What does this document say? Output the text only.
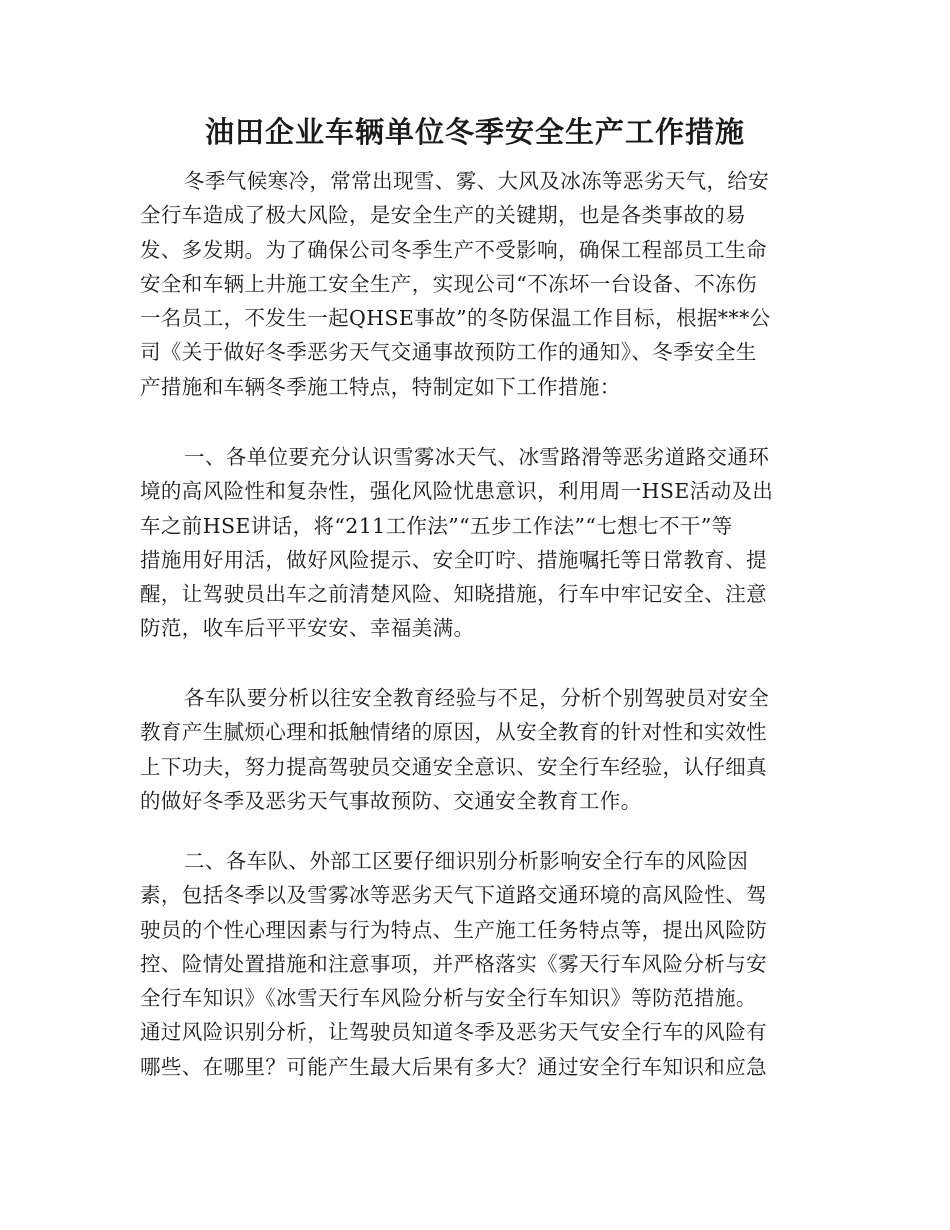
油田企业车辆单位冬季安全生产工作措施

冬季气候寒冷，常常出现雪、雾、大风及冰冻等恶劣天气，给安
全行车造成了极大风险，是安全生产的关键期，也是各类事故的易
发、多发期。为了确保公司冬季生产不受影响，确保工程部员工生命
安全和车辆上井施工安全生产，实现公司“不冻坏一台设备、不冻伤
一名员工，不发生一起QHSE事故”的冬防保温工作目标，根据***公
司《关于做好冬季恶劣天气交通事故预防工作的通知》、冬季安全生
产措施和车辆冬季施工特点，特制定如下工作措施：

一、各单位要充分认识雪雾冰天气、冰雪路滑等恶劣道路交通环
境的高风险性和复杂性，强化风险忧患意识，利用周一HSE活动及出
车之前HSE讲话，将“211工作法”“五步工作法”“七想七不干”等
措施用好用活，做好风险提示、安全叮咛、措施嘱托等日常教育、提
醒，让驾驶员出车之前清楚风险、知晓措施，行车中牢记安全、注意
防范，收车后平平安安、幸福美满。

各车队要分析以往安全教育经验与不足，分析个别驾驶员对安全
教育产生腻烦心理和抵触情绪的原因，从安全教育的针对性和实效性
上下功夫，努力提高驾驶员交通安全意识、安全行车经验，认仔细真
的做好冬季及恶劣天气事故预防、交通安全教育工作。

二、各车队、外部工区要仔细识别分析影响安全行车的风险因
素，包括冬季以及雪雾冰等恶劣天气下道路交通环境的高风险性、驾
驶员的个性心理因素与行为特点、生产施工任务特点等，提出风险防
控、险情处置措施和注意事项，并严格落实《雾天行车风险分析与安
全行车知识》《冰雪天行车风险分析与安全行车知识》等防范措施。
通过风险识别分析，让驾驶员知道冬季及恶劣天气安全行车的风险有
哪些、在哪里？可能产生最大后果有多大？通过安全行车知识和应急
